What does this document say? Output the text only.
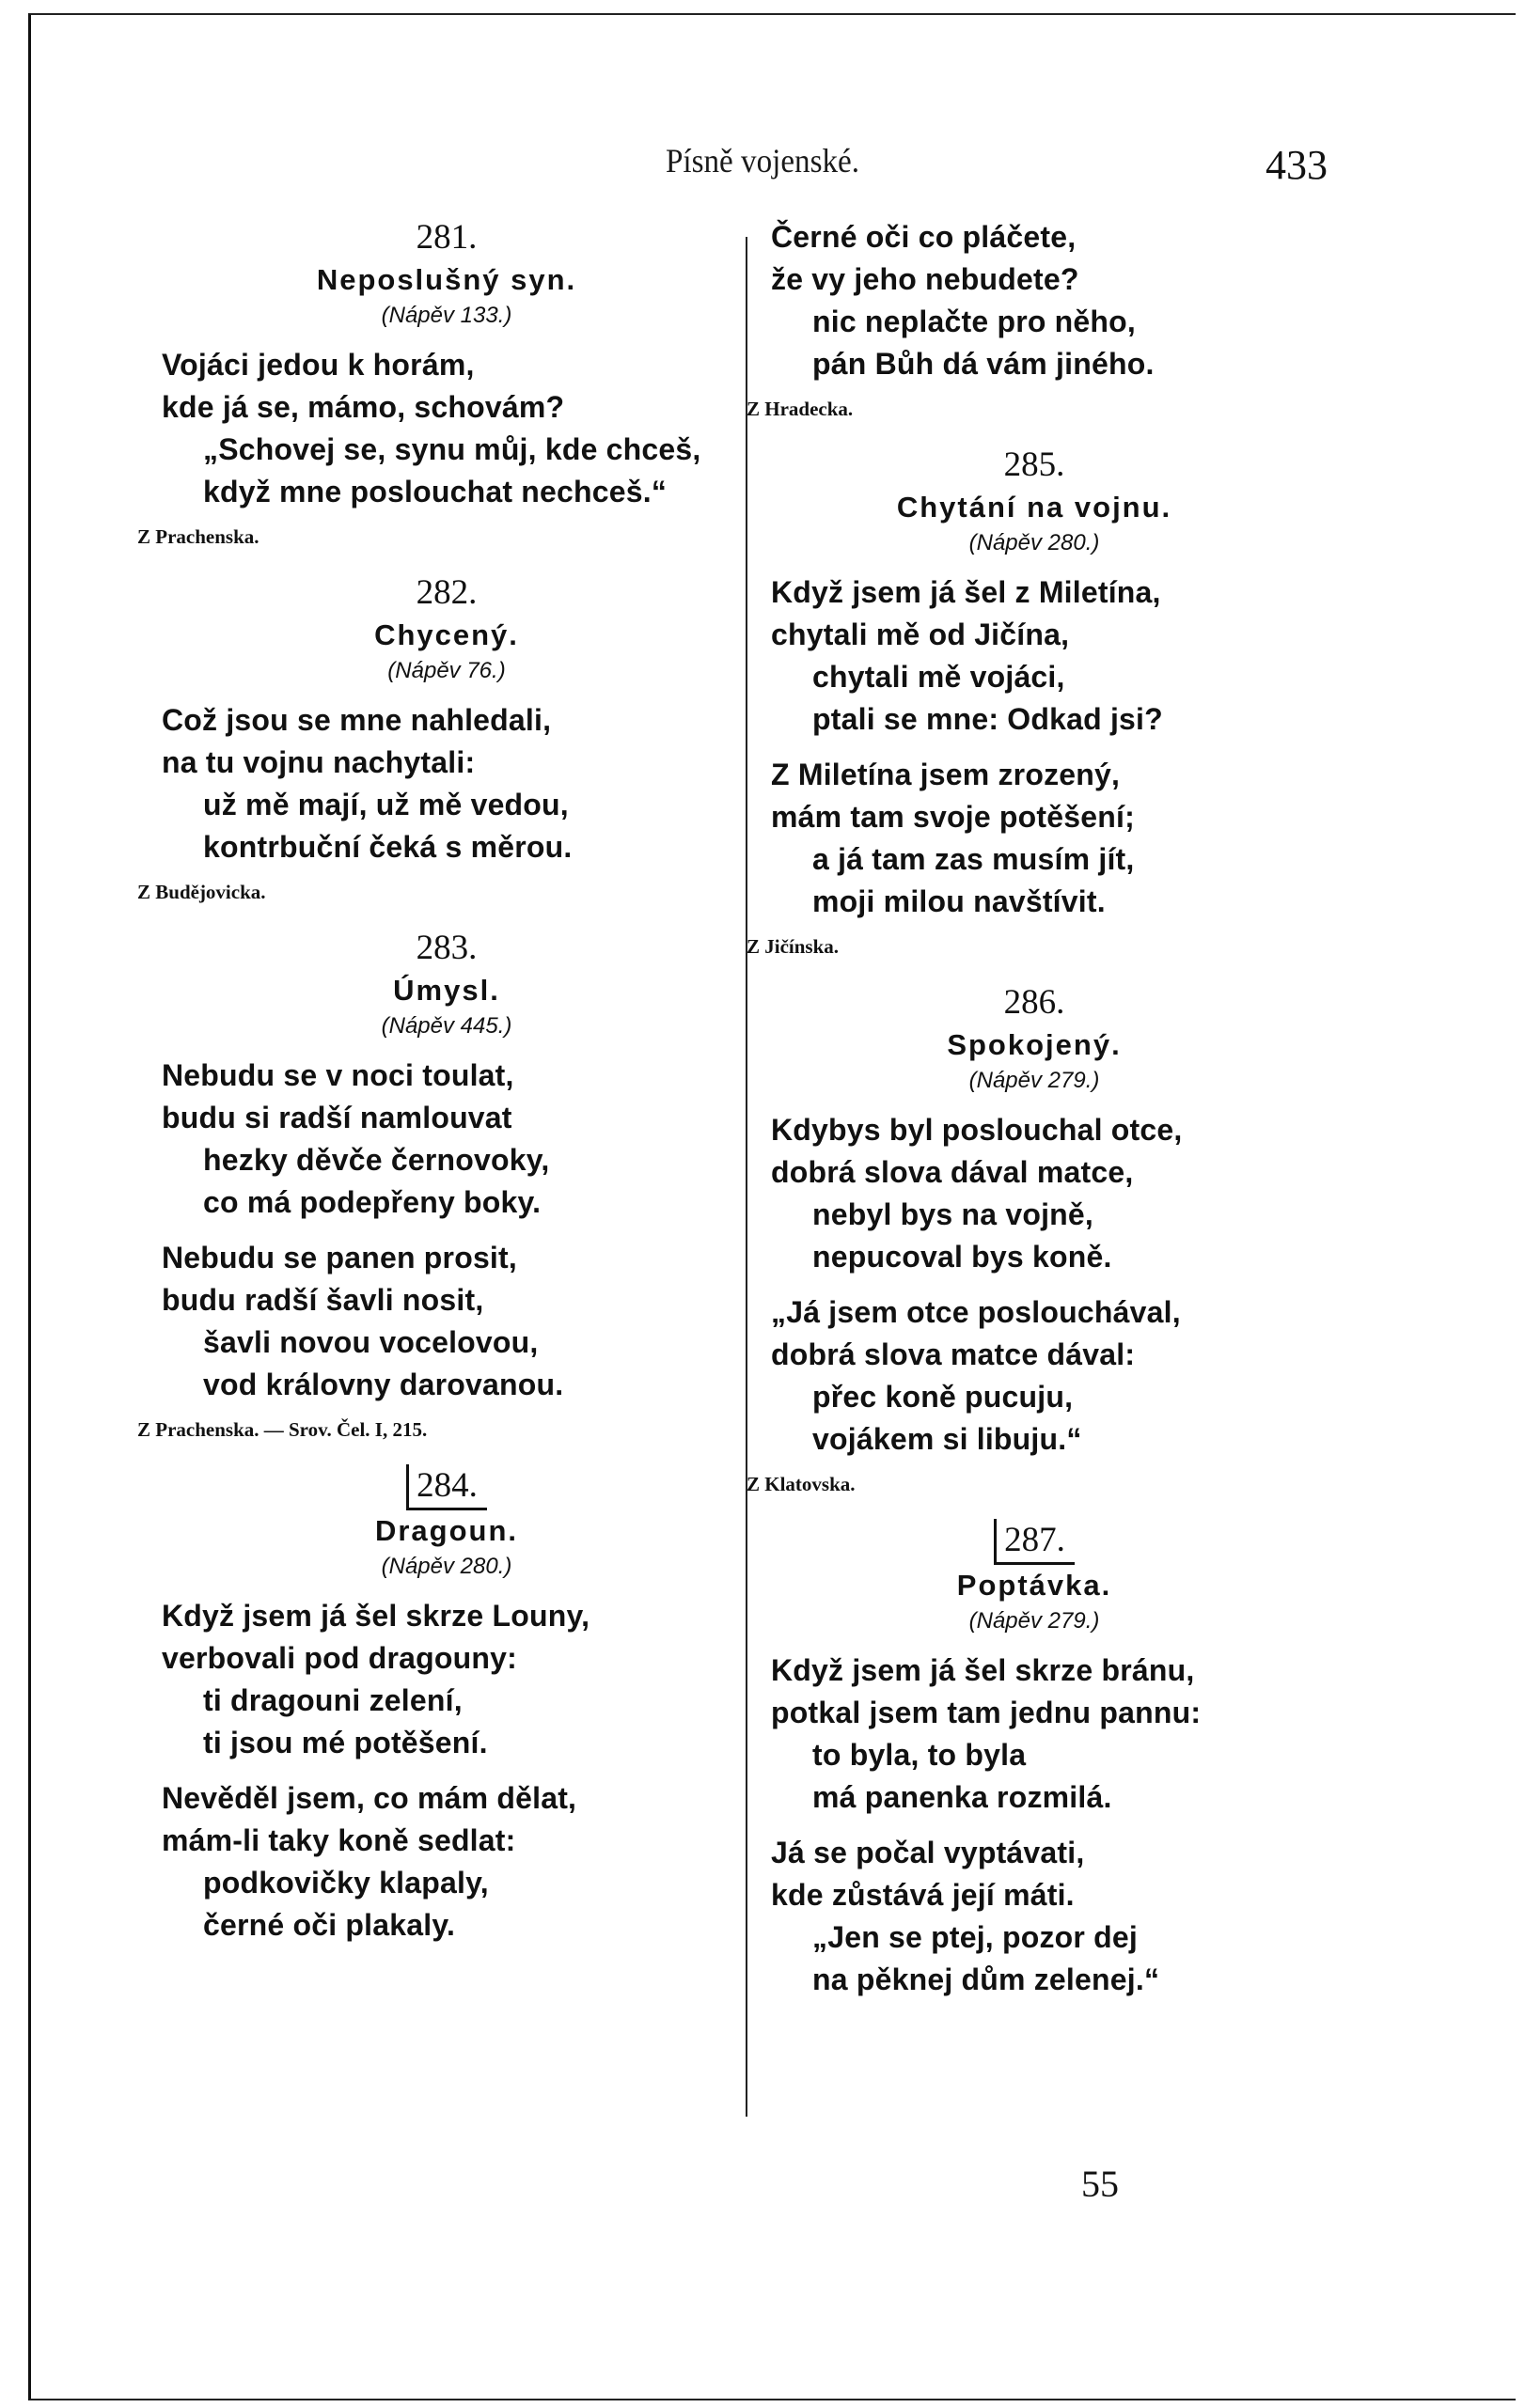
Písně vojenské.	433
281.
Neposlušný syn.
(Nápěv 133.)
Vojáci jedou k horám,
kde já se, mámo, schovám?
„Schovej se, synu můj, kde chceš,
když mne poslouchat nechceš.“
Z Prachenska.
282.
Chycený.
(Nápěv 76.)
Což jsou se mne nahledali,
na tu vojnu nachytali:
už mě mají, už mě vedou,
kontrbuční čeká s měrou.
Z Budějovicka.
283.
Úmysl.
(Nápěv 445.)
Nebudu se v noci toulat,
budu si radší namlouvat
hezky děvče černovoky,
co má podepřeny boky.
Nebudu se panen prosit,
budu radší šavli nosit,
šavli novou vocelovou,
vod královny darovanou.
Z Prachenska. — Srov. Čel. I, 215.
284.
Dragoun.
(Nápěv 280.)
Když jsem já šel skrze Louny,
verbovali pod dragouny:
ti dragouni zelení,
ti jsou mé potěšení.
Nevěděl jsem, co mám dělat,
mám-li taky koně sedlat:
podkovičky klapaly,
černé oči plakaly.
Černé oči co pláčete,
že vy jeho nebudete?
nic neplačte pro něho,
pán Bůh dá vám jiného.
Z Hradecka.
285.
Chytání na vojnu.
(Nápěv 280.)
Když jsem já šel z Miletína,
chytali mě od Jičína,
chytali mě vojáci,
ptali se mne: Odkad jsi?
Z Miletína jsem zrozený,
mám tam svoje potěšení;
a já tam zas musím jít,
moji milou navštívit.
Z Jičínska.
286.
Spokojený.
(Nápěv 279.)
Kdybys byl poslouchal otce,
dobrá slova dával matce,
nebyl bys na vojně,
nepucoval bys koně.
„Já jsem otce poslouchával,
dobrá slova matce dával:
přec koně pucuju,
vojákem si libuju.“
Z Klatovska.
287.
Poptávka.
(Nápěv 279.)
Když jsem já šel skrze bránu,
potkal jsem tam jednu pannu:
to byla, to byla
má panenka rozmilá.
Já se počal vyptávati,
kde zůstává její máti.
„Jen se ptej, pozor dej
na pěknej dům zelenej.“
55
